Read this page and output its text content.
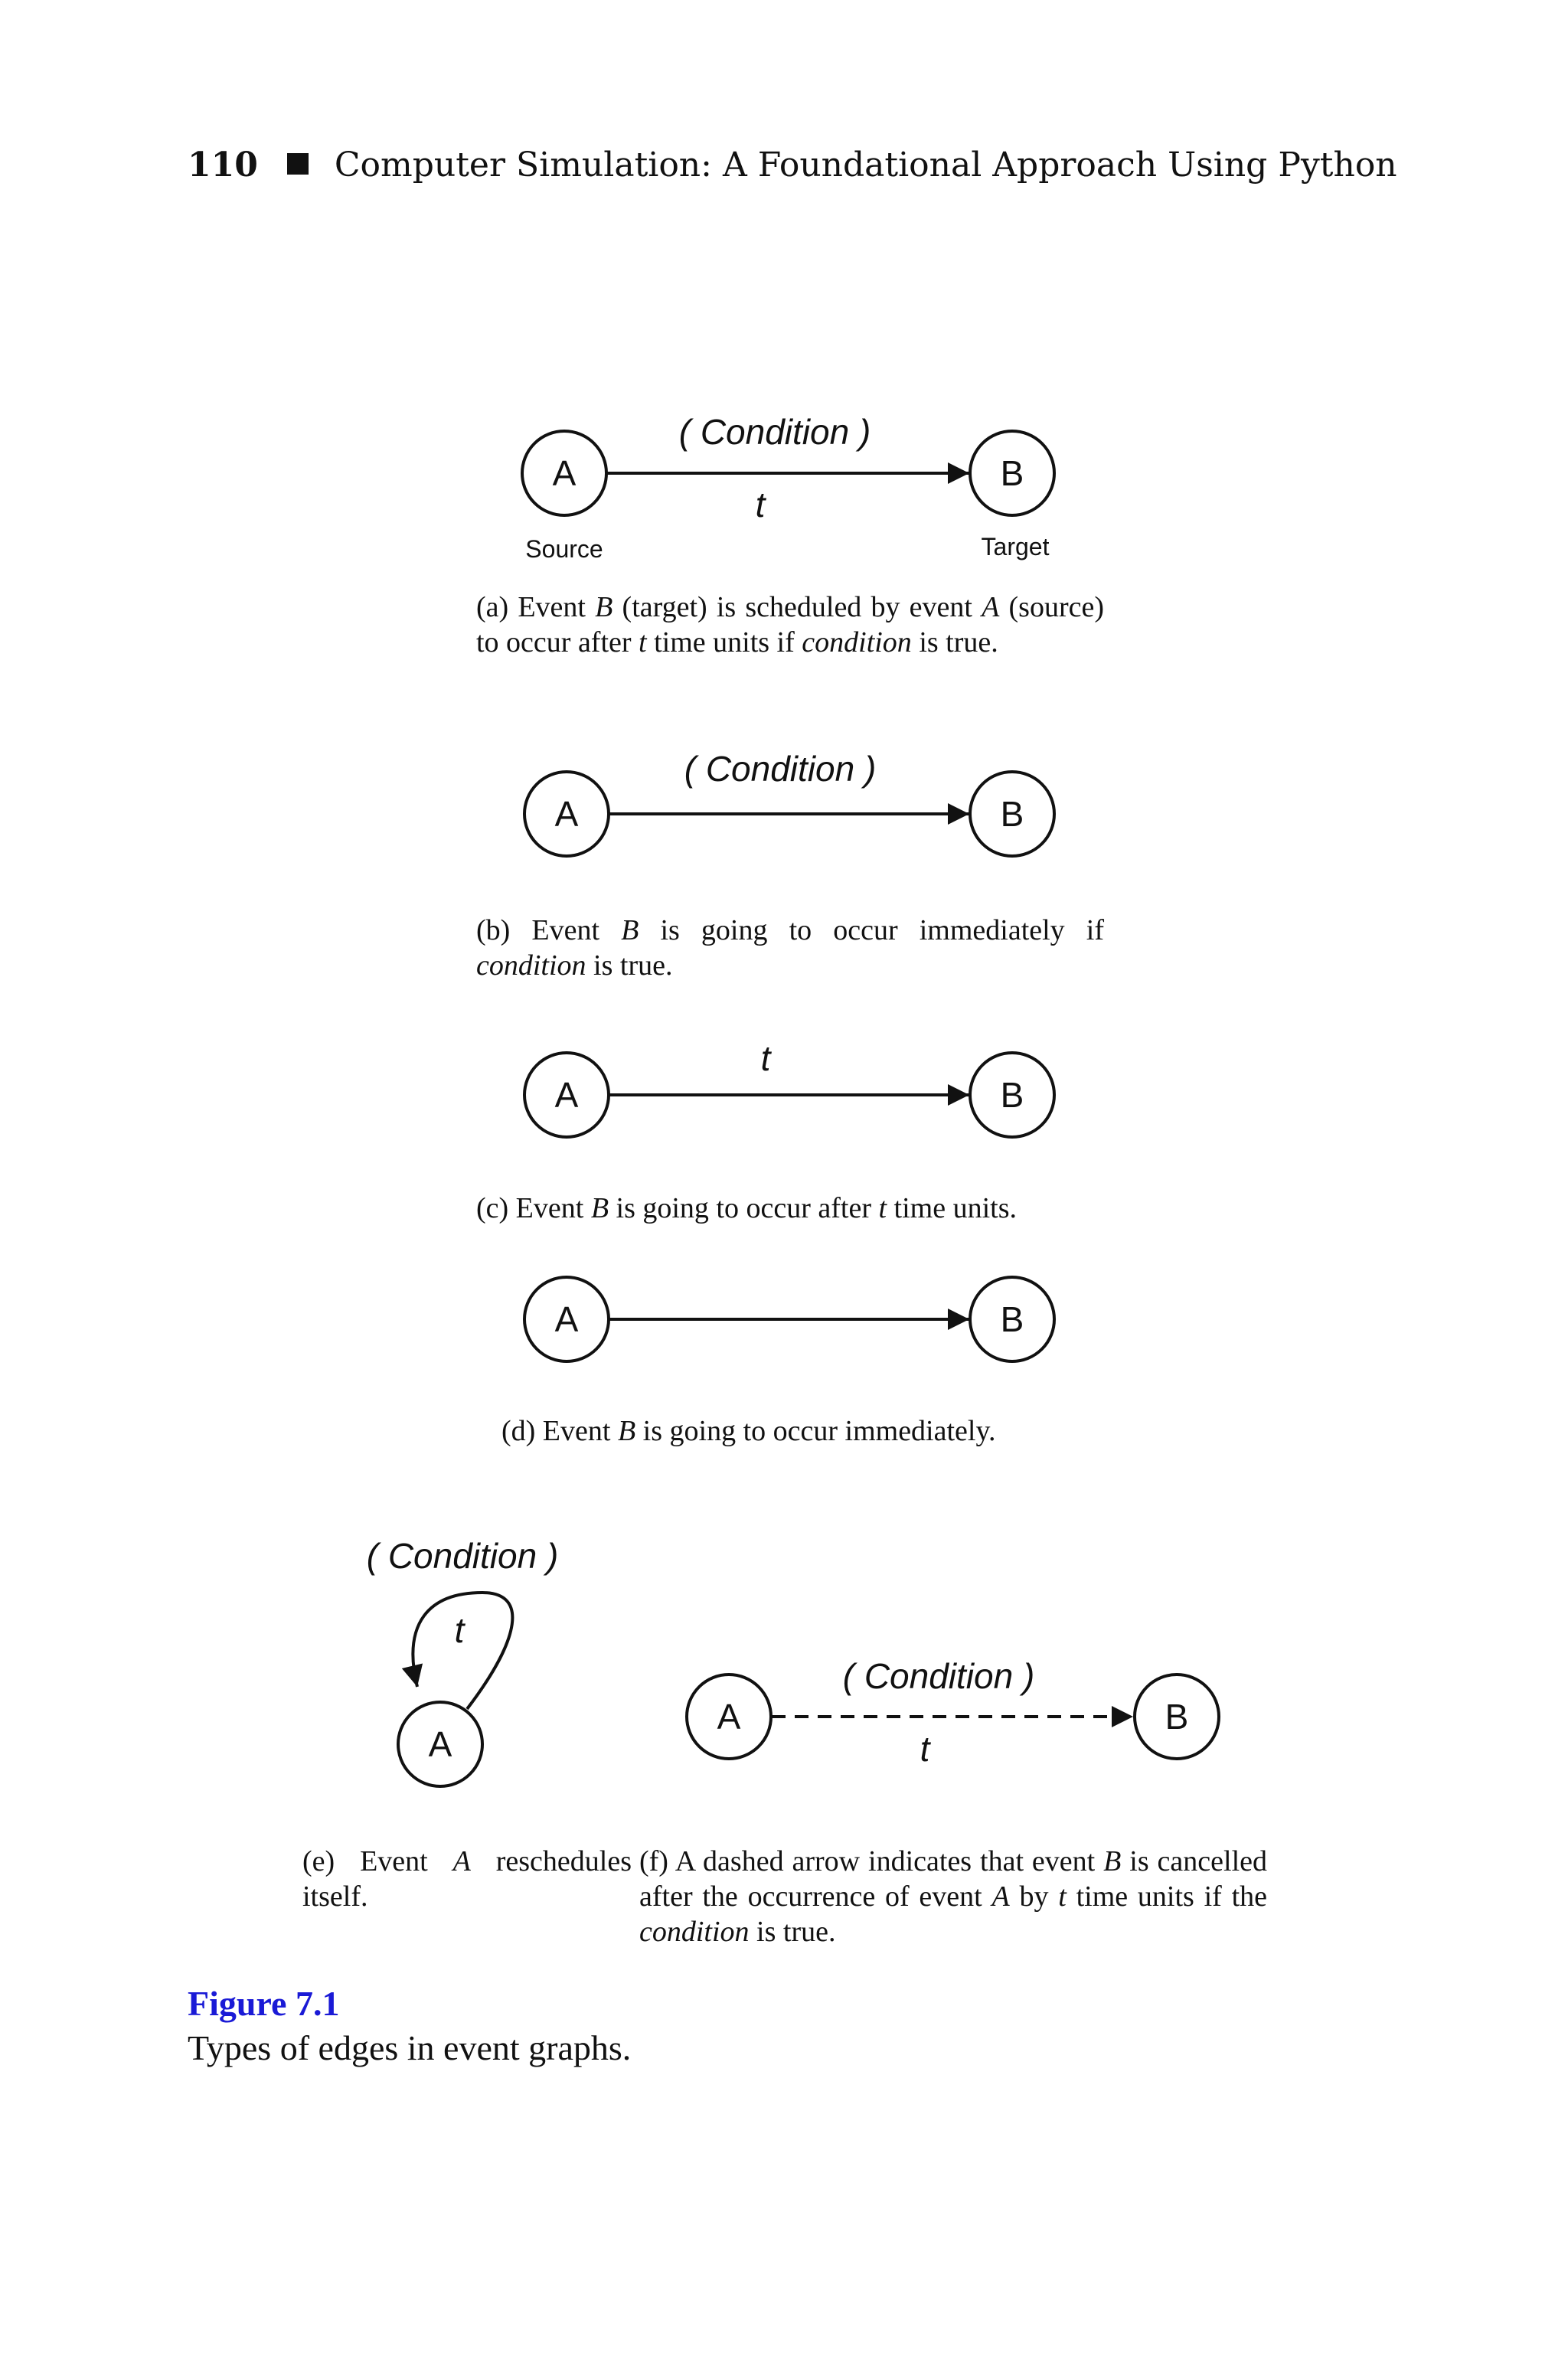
110 Computer Simulation: A Foundational Approach Using Python
A	B
( Condition )
t
Source	Target
A	B
( Condition )
A	B
t
A	B
A
( Condition )
t
A	B
( Condition )
t
(a) Event B (target) is scheduled by event A (source) to occur after t time units if condition is true.
(b) Event B is going to occur immediately if condition is true.
(c) Event B is going to occur after t time units.
(d) Event B is going to occur immediately.
(e) Event A reschedules itself.
(f) A dashed arrow indicates that event B is cancelled after the occurrence of event A by t time units if the condition is true.
Figure 7.1
Types of edges in event graphs.
